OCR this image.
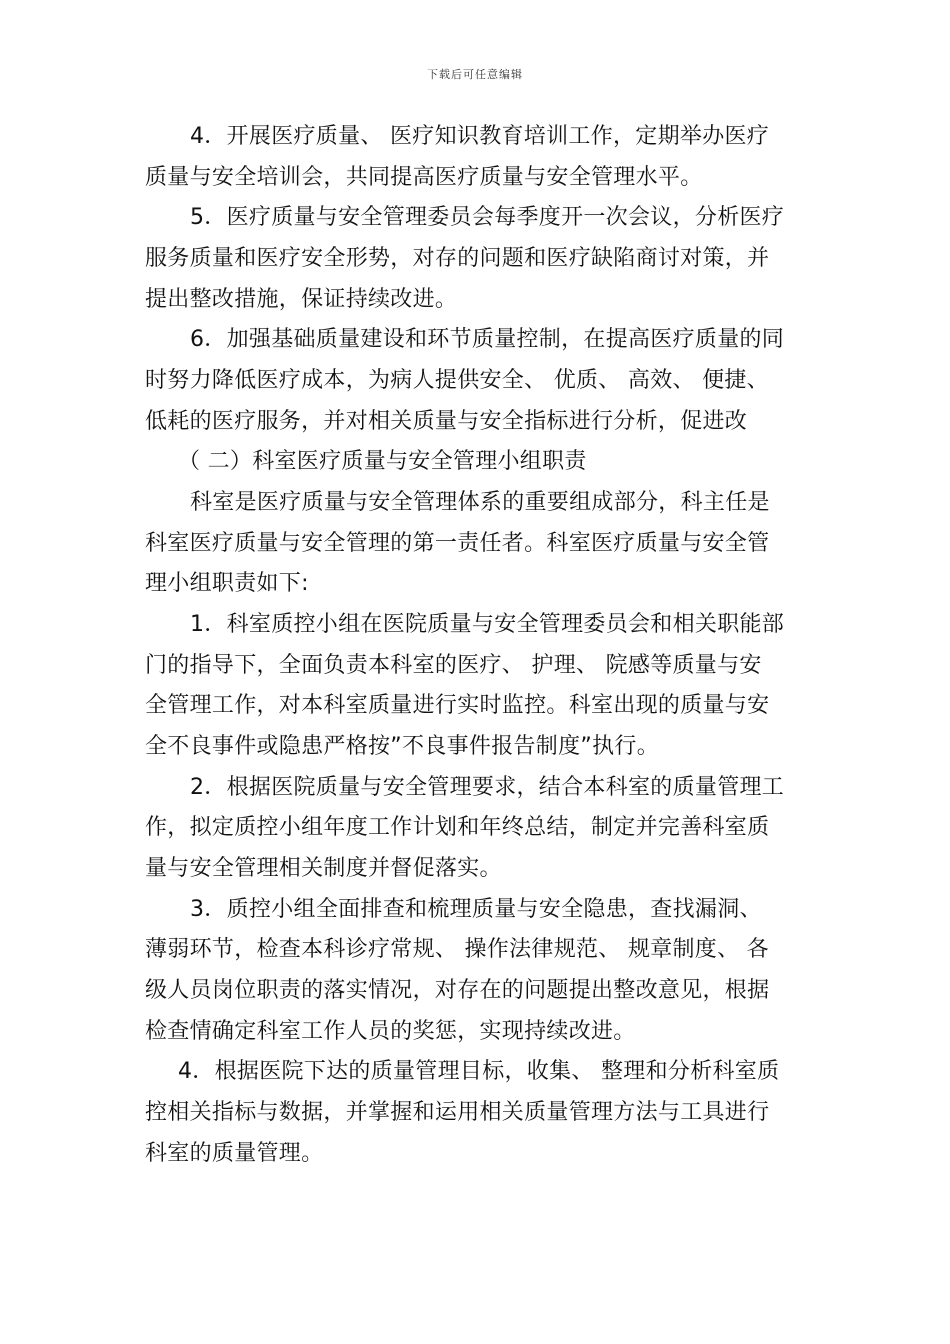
下载后可任意编辑
4．开展医疗质量、 医疗知识教育培训工作，定期举办医疗
质量与安全培训会，共同提高医疗质量与安全管理水平。
5．医疗质量与安全管理委员会每季度开一次会议，分析医疗
服务质量和医疗安全形势，对存的问题和医疗缺陷商讨对策，并
提出整改措施，保证持续改进。
6．加强基础质量建设和环节质量控制，在提高医疗质量的同
时努力降低医疗成本，为病人提供安全、 优质、 高效、 便捷、
低耗的医疗服务，并对相关质量与安全指标进行分析，促进改
（ 二）科室医疗质量与安全管理小组职责
科室是医疗质量与安全管理体系的重要组成部分，科主任是
科室医疗质量与安全管理的第一责任者。科室医疗质量与安全管
理小组职责如下:
1．科室质控小组在医院质量与安全管理委员会和相关职能部
门的指导下，全面负责本科室的医疗、 护理、 院感等质量与安
全管理工作，对本科室质量进行实时监控。科室出现的质量与安
全不良事件或隐患严格按”不良事件报告制度”执行。
2．根据医院质量与安全管理要求，结合本科室的质量管理工
作，拟定质控小组年度工作计划和年终总结，制定并完善科室质
量与安全管理相关制度并督促落实。
3．质控小组全面排查和梳理质量与安全隐患，查找漏洞、
薄弱环节，检查本科诊疗常规、 操作法律规范、 规章制度、 各
级人员岗位职责的落实情况，对存在的问题提出整改意见，根据
检查情确定科室工作人员的奖惩，实现持续改进。
4．根据医院下达的质量管理目标，收集、 整理和分析科室质
控相关指标与数据，并掌握和运用相关质量管理方法与工具进行
科室的质量管理。
